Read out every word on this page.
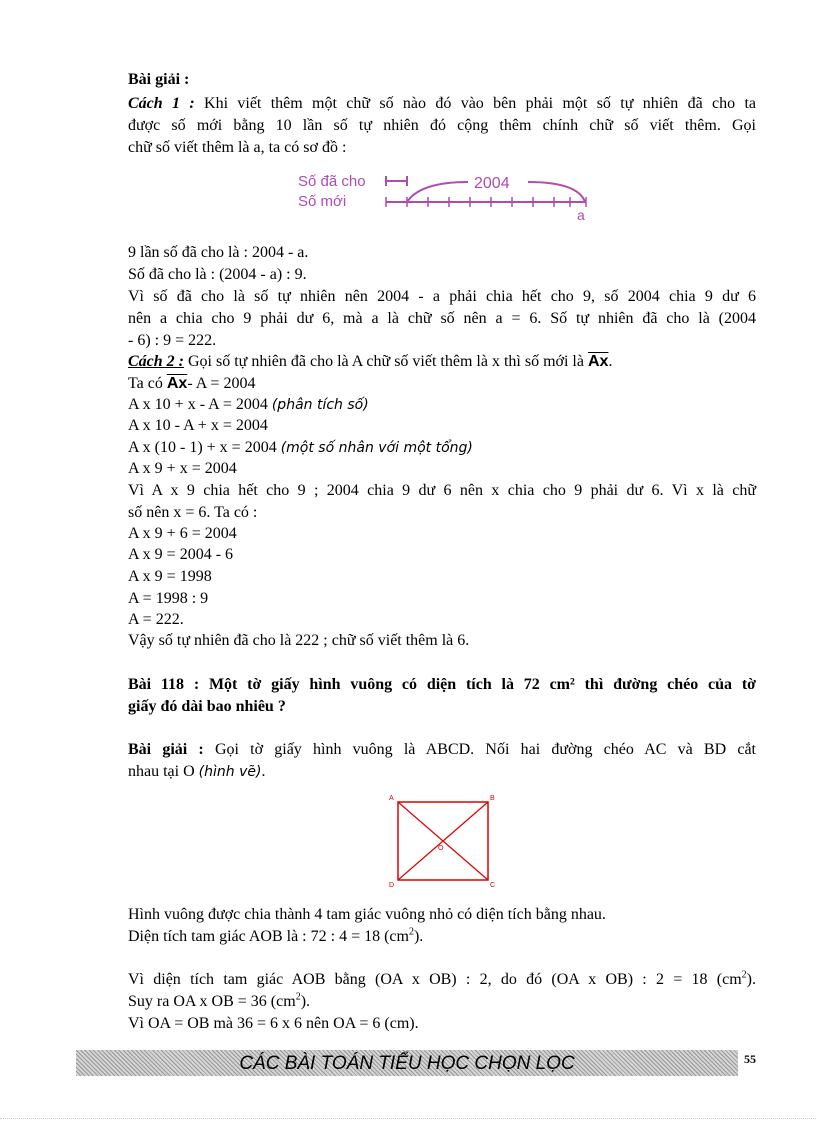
Bài giải :
Cách 1 : Khi viết thêm một chữ số nào đó vào bên phải một số tự nhiên đã cho ta
được số mới bằng 10 lần số tự nhiên đó cộng thêm chính chữ số viết thêm. Gọi
chữ số viết thêm là a, ta có sơ đồ :
Số đã cho
Số mới
2004
a
9 lần số đã cho là : 2004 - a.
Số đã cho là : (2004 - a) : 9.
Vì số đã cho là số tự nhiên nên 2004 - a phải chia hết cho 9, số 2004 chia 9 dư 6
nên a chia cho 9 phải dư 6, mà a là chữ số nên a = 6. Số tự nhiên đã cho là (2004
- 6) : 9 = 222.
Cách 2 : Gọi số tự nhiên đã cho là A chữ số viết thêm là x thì số mới là $\overline{Ax}$.
Ta có $\overline{Ax}-$ A = 2004
A x 10 + x - A = 2004 (phân tích số)
A x 10 - A + x = 2004
A x (10 - 1) + x = 2004 (một số nhân với một tổng)
A x 9 + x = 2004
Vì A x 9 chia hết cho 9 ; 2004 chia 9 dư 6 nên x chia cho 9 phải dư 6. Vì x là chữ
số nên x = 6. Ta có :
A x 9 + 6 = 2004
A x 9 = 2004 - 6
A x 9 = 1998
A = 1998 : 9
A = 222.
Vậy số tự nhiên đã cho là 222 ; chữ số viết thêm là 6.
Bài 118 : Một tờ giấy hình vuông có diện tích là 72 cm² thì đường chéo của tờ
giấy đó dài bao nhiêu ?
Bài giải : Gọi tờ giấy hình vuông là ABCD. Nối hai đường chéo AC và BD cắt
nhau tại O (hình vẽ).
A	B
C
D
O
Hình vuông được chia thành 4 tam giác vuông nhỏ có diện tích bằng nhau.
Diện tích tam giác AOB là : 72 : 4 = 18 $(cm^2)$.
Vì diện tích tam giác AOB bằng (OA x OB) : 2, do đó (OA x OB) : 2 = 18 $(cm^2)$.
Suy ra OA x OB = 36 $(cm^2)$.
Vì OA = OB mà 36 = 6 x 6 nên OA = 6 (cm).
CÁC BÀI TOÁN TIỂU HỌC CHỌN LỌC	55
